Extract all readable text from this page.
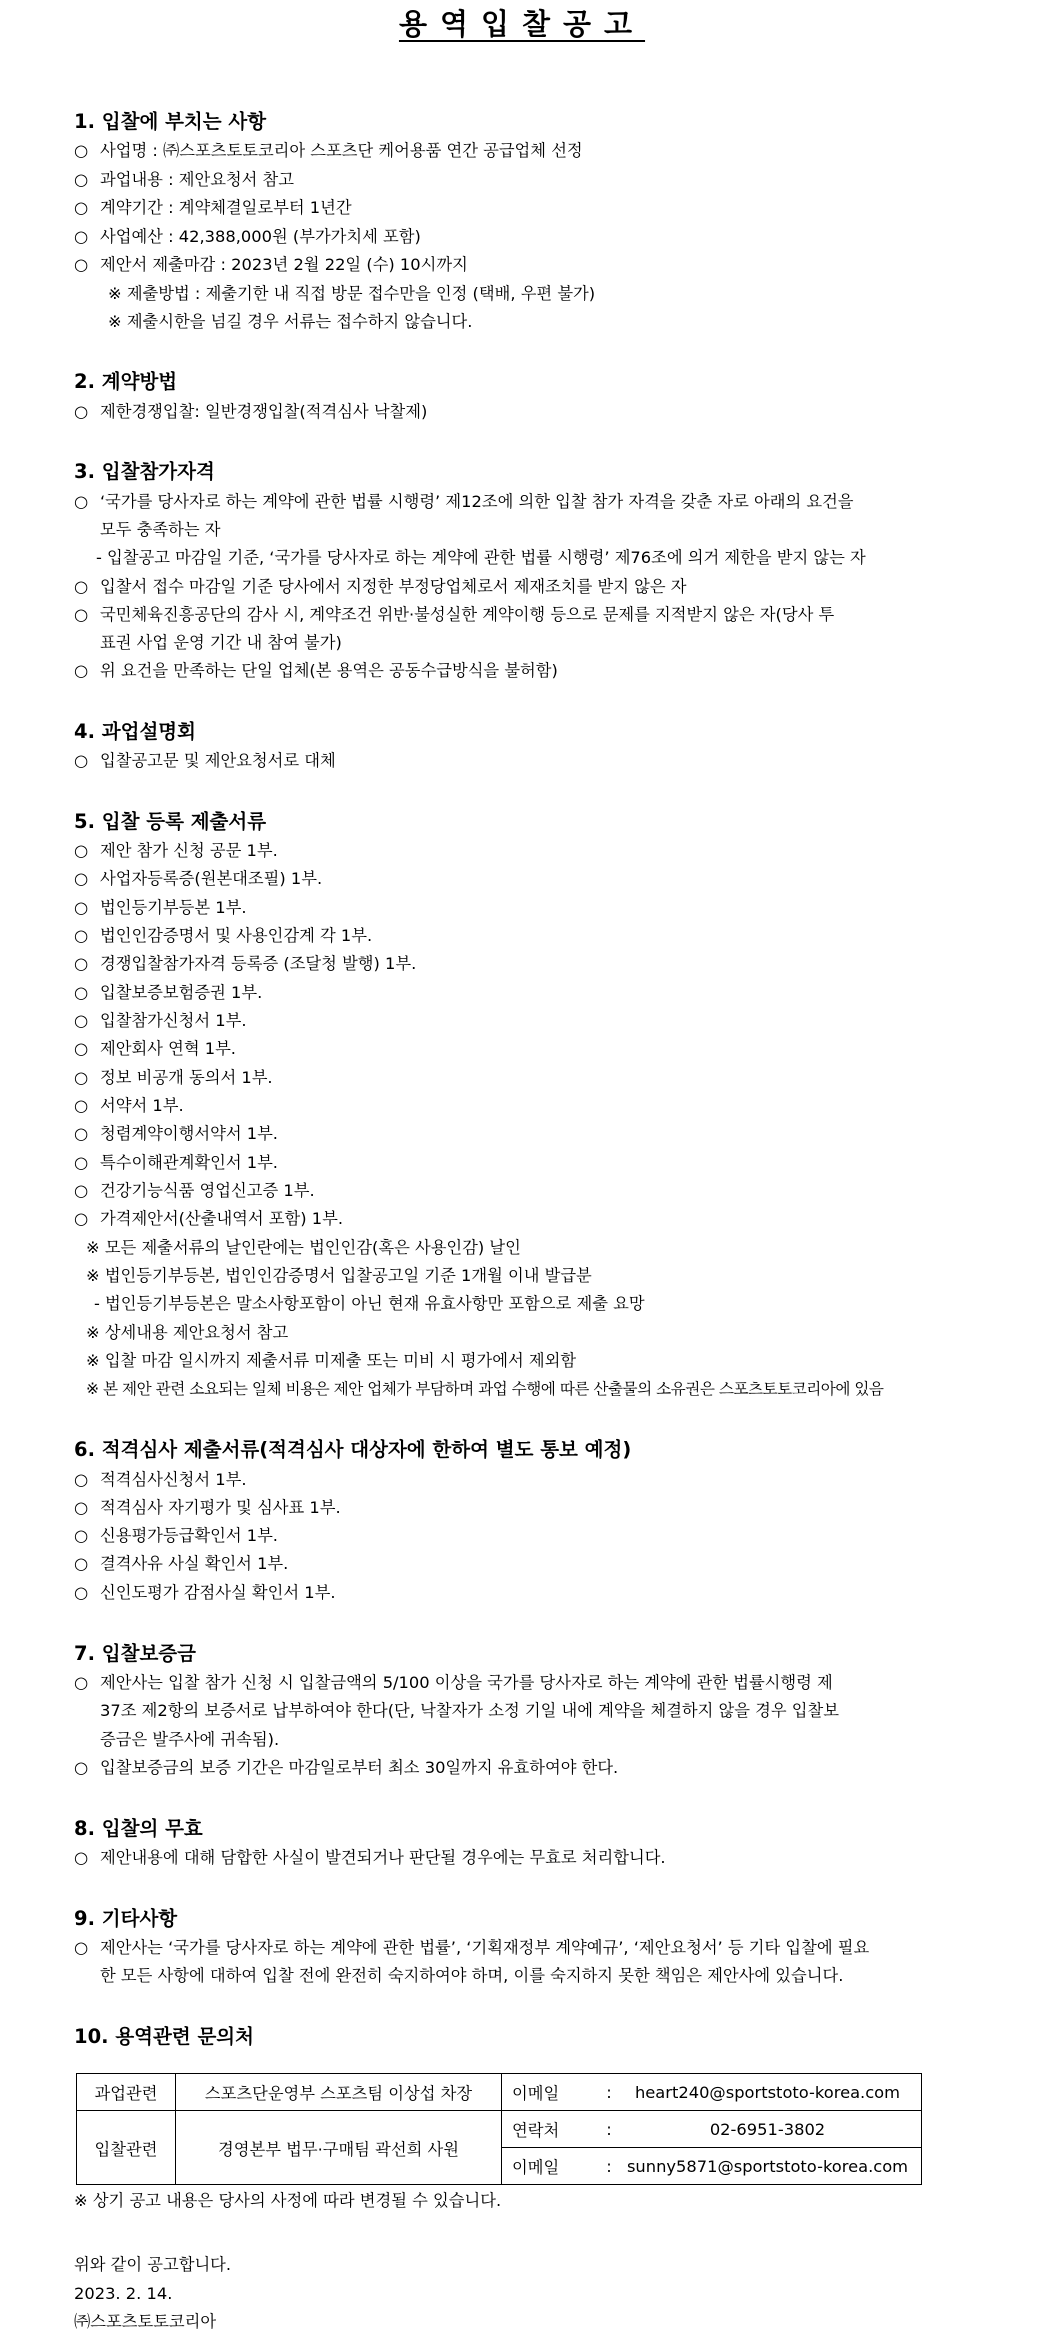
용역입찰공고
1. 입찰에 부치는 사항
○ 사업명 : ㈜스포츠토토코리아 스포츠단 케어용품 연간 공급업체 선정
○ 과업내용 : 제안요청서 참고
○ 계약기간 : 계약체결일로부터 1년간
○ 사업예산 : 42,388,000원 (부가가치세 포함)
○ 제안서 제출마감 : 2023년 2월 22일 (수) 10시까지
※ 제출방법 : 제출기한 내 직접 방문 접수만을 인정 (택배, 우편 불가)
※ 제출시한을 넘길 경우 서류는 접수하지 않습니다.
2. 계약방법
○ 제한경쟁입찰: 일반경쟁입찰(적격심사 낙찰제)
3. 입찰참가자격
○ ‘국가를 당사자로 하는 계약에 관한 법률 시행령’ 제12조에 의한 입찰 참가 자격을 갖춘 자로 아래의 요건을
모두 충족하는 자
- 입찰공고 마감일 기준, ‘국가를 당사자로 하는 계약에 관한 법률 시행령’ 제76조에 의거 제한을 받지 않는 자
○ 입찰서 접수 마감일 기준 당사에서 지정한 부정당업체로서 제재조치를 받지 않은 자
○ 국민체육진흥공단의 감사 시, 계약조건 위반·불성실한 계약이행 등으로 문제를 지적받지 않은 자(당사 투
표권 사업 운영 기간 내 참여 불가)
○ 위 요건을 만족하는 단일 업체(본 용역은 공동수급방식을 불허함)
4. 과업설명회
○ 입찰공고문 및 제안요청서로 대체
5. 입찰 등록 제출서류
○ 제안 참가 신청 공문 1부.
○ 사업자등록증(원본대조필) 1부.
○ 법인등기부등본 1부.
○ 법인인감증명서 및 사용인감계 각 1부.
○ 경쟁입찰참가자격 등록증 (조달청 발행) 1부.
○ 입찰보증보험증권 1부.
○ 입찰참가신청서 1부.
○ 제안회사 연혁 1부.
○ 정보 비공개 동의서 1부.
○ 서약서 1부.
○ 청렴계약이행서약서 1부.
○ 특수이해관계확인서 1부.
○ 건강기능식품 영업신고증 1부.
○ 가격제안서(산출내역서 포함) 1부.
※ 모든 제출서류의 날인란에는 법인인감(혹은 사용인감) 날인
※ 법인등기부등본, 법인인감증명서 입찰공고일 기준 1개월 이내 발급분
- 법인등기부등본은 말소사항포함이 아닌 현재 유효사항만 포함으로 제출 요망
※ 상세내용 제안요청서 참고
※ 입찰 마감 일시까지 제출서류 미제출 또는 미비 시 평가에서 제외함
※ 본 제안 관련 소요되는 일체 비용은 제안 업체가 부담하며 과업 수행에 따른 산출물의 소유권은 스포츠토토코리아에 있음
6. 적격심사 제출서류(적격심사 대상자에 한하여 별도 통보 예정)
○ 적격심사신청서 1부.
○ 적격심사 자기평가 및 심사표 1부.
○ 신용평가등급확인서 1부.
○ 결격사유 사실 확인서 1부.
○ 신인도평가 감점사실 확인서 1부.
7. 입찰보증금
○ 제안사는 입찰 참가 신청 시 입찰금액의 5/100 이상을 국가를 당사자로 하는 계약에 관한 법률시행령 제
37조 제2항의 보증서로 납부하여야 한다(단, 낙찰자가 소정 기일 내에 계약을 체결하지 않을 경우 입찰보
증금은 발주사에 귀속됨).
○ 입찰보증금의 보증 기간은 마감일로부터 최소 30일까지 유효하여야 한다.
8. 입찰의 무효
○ 제안내용에 대해 담합한 사실이 발견되거나 판단될 경우에는 무효로 처리합니다.
9. 기타사항
○ 제안사는 ‘국가를 당사자로 하는 계약에 관한 법률’, ‘기획재정부 계약예규’, ‘제안요청서’ 등 기타 입찰에 필요
한 모든 사항에 대하여 입찰 전에 완전히 숙지하여야 하며, 이를 숙지하지 못한 책임은 제안사에 있습니다.
10. 용역관련 문의처
과업관련	스포츠단운영부 스포츠팀 이상섭 차장	이메일 : heart240@sportstoto-korea.com

입찰관련	경영본부 법무·구매팀 곽선희 사원	연락처 : 02-6951-3802

		이메일 : sunny5871@sportstoto-korea.com
※ 상기 공고 내용은 당사의 사정에 따라 변경될 수 있습니다.
위와 같이 공고합니다.
2023. 2. 14.
㈜스포츠토토코리아
